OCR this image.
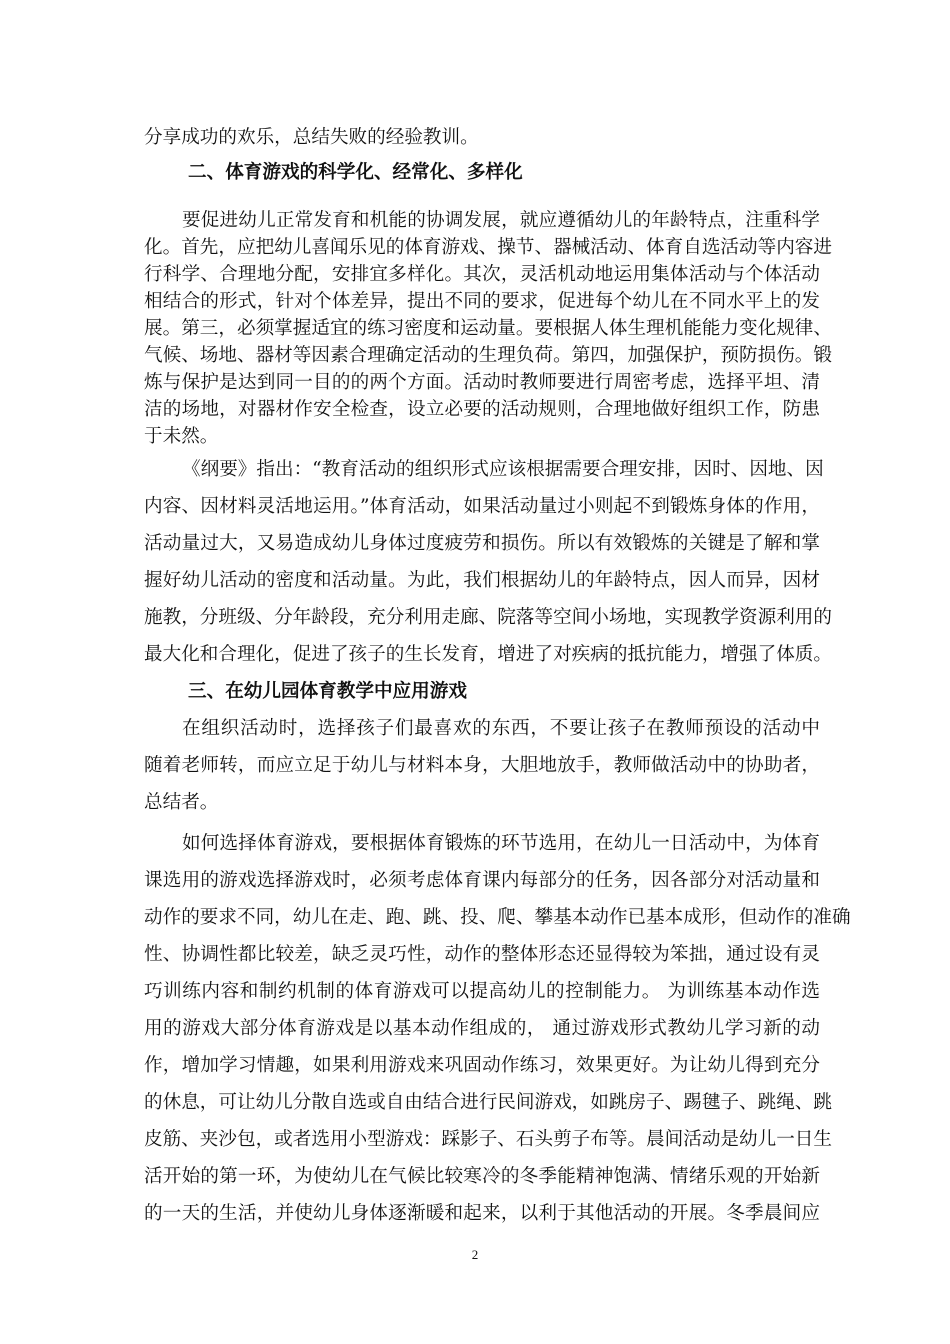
分享成功的欢乐，总结失败的经验教训。
二、体育游戏的科学化、经常化、多样化
要促进幼儿正常发育和机能的协调发展，就应遵循幼儿的年龄特点，注重科学
化。首先，应把幼儿喜闻乐见的体育游戏、操节、器械活动、体育自选活动等内容进
行科学、合理地分配，安排宜多样化。其次，灵活机动地运用集体活动与个体活动
相结合的形式，针对个体差异，提出不同的要求，促进每个幼儿在不同水平上的发
展。第三，必须掌握适宜的练习密度和运动量。要根据人体生理机能能力变化规律、
气候、场地、器材等因素合理确定活动的生理负荷。第四，加强保护，预防损伤。锻
炼与保护是达到同一目的的两个方面。活动时教师要进行周密考虑，选择平坦、清
洁的场地，对器材作安全检查，设立必要的活动规则，合理地做好组织工作，防患
于未然。
《纲要》指出：“教育活动的组织形式应该根据需要合理安排，因时、因地、因
内容、因材料灵活地运用。”体育活动，如果活动量过小则起不到锻炼身体的作用，
活动量过大，又易造成幼儿身体过度疲劳和损伤。所以有效锻炼的关键是了解和掌
握好幼儿活动的密度和活动量。为此，我们根据幼儿的年龄特点，因人而异，因材
施教，分班级、分年龄段，充分利用走廊、院落等空间小场地，实现教学资源利用的
最大化和合理化，促进了孩子的生长发育，增进了对疾病的抵抗能力，增强了体质。
三、在幼儿园体育教学中应用游戏
在组织活动时，选择孩子们最喜欢的东西，不要让孩子在教师预设的活动中
随着老师转，而应立足于幼儿与材料本身，大胆地放手，教师做活动中的协助者，
总结者。
如何选择体育游戏，要根据体育锻炼的环节选用，在幼儿一日活动中，为体育
课选用的游戏选择游戏时，必须考虑体育课内每部分的任务，因各部分对活动量和
动作的要求不同，幼儿在走、跑、跳、投、爬、攀基本动作已基本成形，但动作的准确
性、协调性都比较差，缺乏灵巧性，动作的整体形态还显得较为笨拙，通过设有灵
巧训练内容和制约机制的体育游戏可以提高幼儿的控制能力。 为训练基本动作选
用的游戏大部分体育游戏是以基本动作组成的， 通过游戏形式教幼儿学习新的动
作，增加学习情趣，如果利用游戏来巩固动作练习，效果更好。为让幼儿得到充分
的休息，可让幼儿分散自选或自由结合进行民间游戏，如跳房子、踢毽子、跳绳、跳
皮筋、夹沙包，或者选用小型游戏：踩影子、石头剪子布等。晨间活动是幼儿一日生
活开始的第一环，为使幼儿在气候比较寒冷的冬季能精神饱满、情绪乐观的开始新
的一天的生活，并使幼儿身体逐渐暖和起来，以利于其他活动的开展。冬季晨间应
2
